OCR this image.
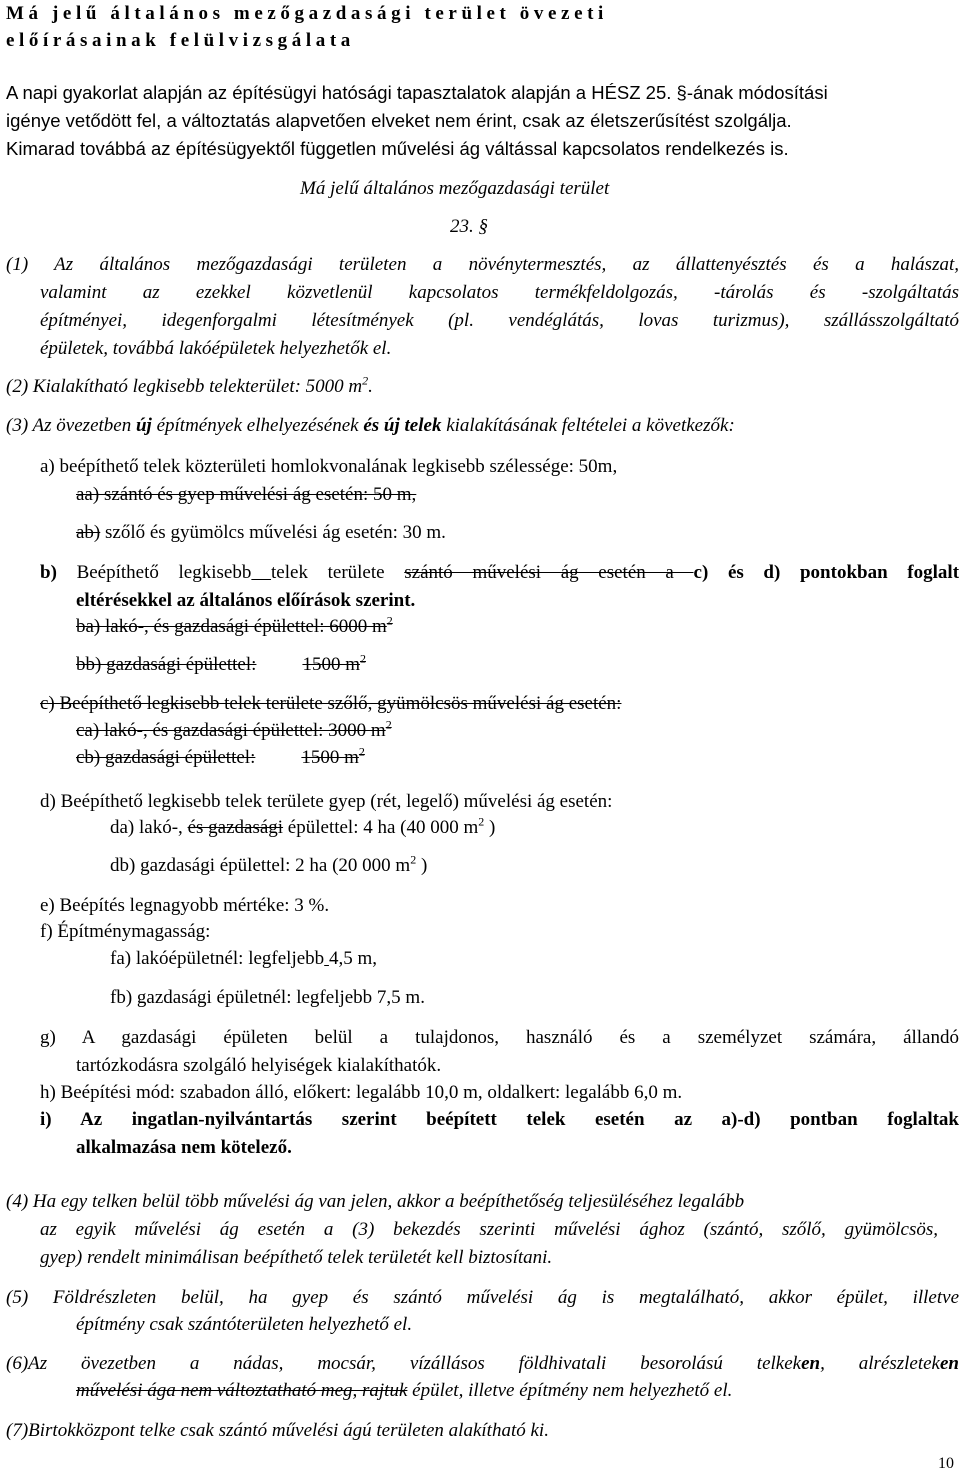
Má jelű általános mezőgazdasági terület övezeti
előírásainak felülvizsgálata
A napi gyakorlat alapján az építésügyi hatósági tapasztalatok alapján a HÉSZ 25. §-ának módosítási
igénye vetődött fel, a változtatás alapvetően elveket nem érint, csak az életszerűsítést szolgálja.
Kimarad továbbá az építésügyektől független művelési ág váltással kapcsolatos rendelkezés is.
Má jelű általános mezőgazdasági terület
23. §
(1) Az általános mezőgazdasági területen a növénytermesztés, az állattenyésztés és a halászat,
valamint az ezekkel közvetlenül kapcsolatos termékfeldolgozás, -tárolás és -szolgáltatás
építményei, idegenforgalmi létesítmények (pl. vendéglátás, lovas turizmus), szállásszolgáltató
épületek, továbbá lakóépületek helyezhetők el.
(2) Kialakítható legkisebb telekterület: 5000 $m^2$.
(3) Az övezetben új építmények elhelyezésének és új telek kialakításának feltételei a következők:
a) beépíthető telek közterületi homlokvonalának legkisebb szélessége: 50m,
aa) szántó és gyep művelési ág esetén: 50 m,
ab) szőlő és gyümölcs művelési ág esetén: 30 m.
b) Beépíthető legkisebb telek területe szántó művelési ág esetén a c) és d) pontokban foglalt
eltérésekkel az általános előírások szerint.
ba) lakó-, és gazdasági épülettel: 6000 $m^2$
bb) gazdasági épülettel: 1500 $m^2$
c) Beépíthető legkisebb telek területe szőlő, gyümölcsös művelési ág esetén:
ca) lakó-, és gazdasági épülettel: 3000 $m^2$
cb) gazdasági épülettel: 1500 $m^2$
d) Beépíthető legkisebb telek területe gyep (rét, legelő) művelési ág esetén:
da) lakó-, és gazdasági épülettel: 4 ha (40 000 $m^2$ )
db) gazdasági épülettel: 2 ha (20 000 $m^2$ )
e) Beépítés legnagyobb mértéke: 3 %.
f) Építménymagasság:
fa) lakóépületnél: legfeljebb 4,5 m,
fb) gazdasági épületnél: legfeljebb 7,5 m.
g) A gazdasági épületen belül a tulajdonos, használó és a személyzet számára, állandó
tartózkodásra szolgáló helyiségek kialakíthatók.
h) Beépítési mód: szabadon álló, előkert: legalább 10,0 m, oldalkert: legalább 6,0 m.
i) Az ingatlan-nyilvántartás szerint beépített telek esetén az a)-d) pontban foglaltak
alkalmazása nem kötelező.
(4) Ha egy telken belül több művelési ág van jelen, akkor a beépíthetőség teljesüléséhez legalább
az egyik művelési ág esetén a (3) bekezdés szerinti művelési ághoz (szántó, szőlő, gyümölcsös,
gyep) rendelt minimálisan beépíthető telek területét kell biztosítani.
(5) Földrészleten belül, ha gyep és szántó művelési ág is megtalálható, akkor épület, illetve
építmény csak szántóterületen helyezhető el.
(6)Az övezetben a nádas, mocsár, vízállásos földhivatali besorolású telkeken, alrészleteken
művelési ága nem változtatható meg, rajtuk épület, illetve építmény nem helyezhető el.
(7)Birtokközpont telke csak szántó művelési ágú területen alakítható ki.
10
